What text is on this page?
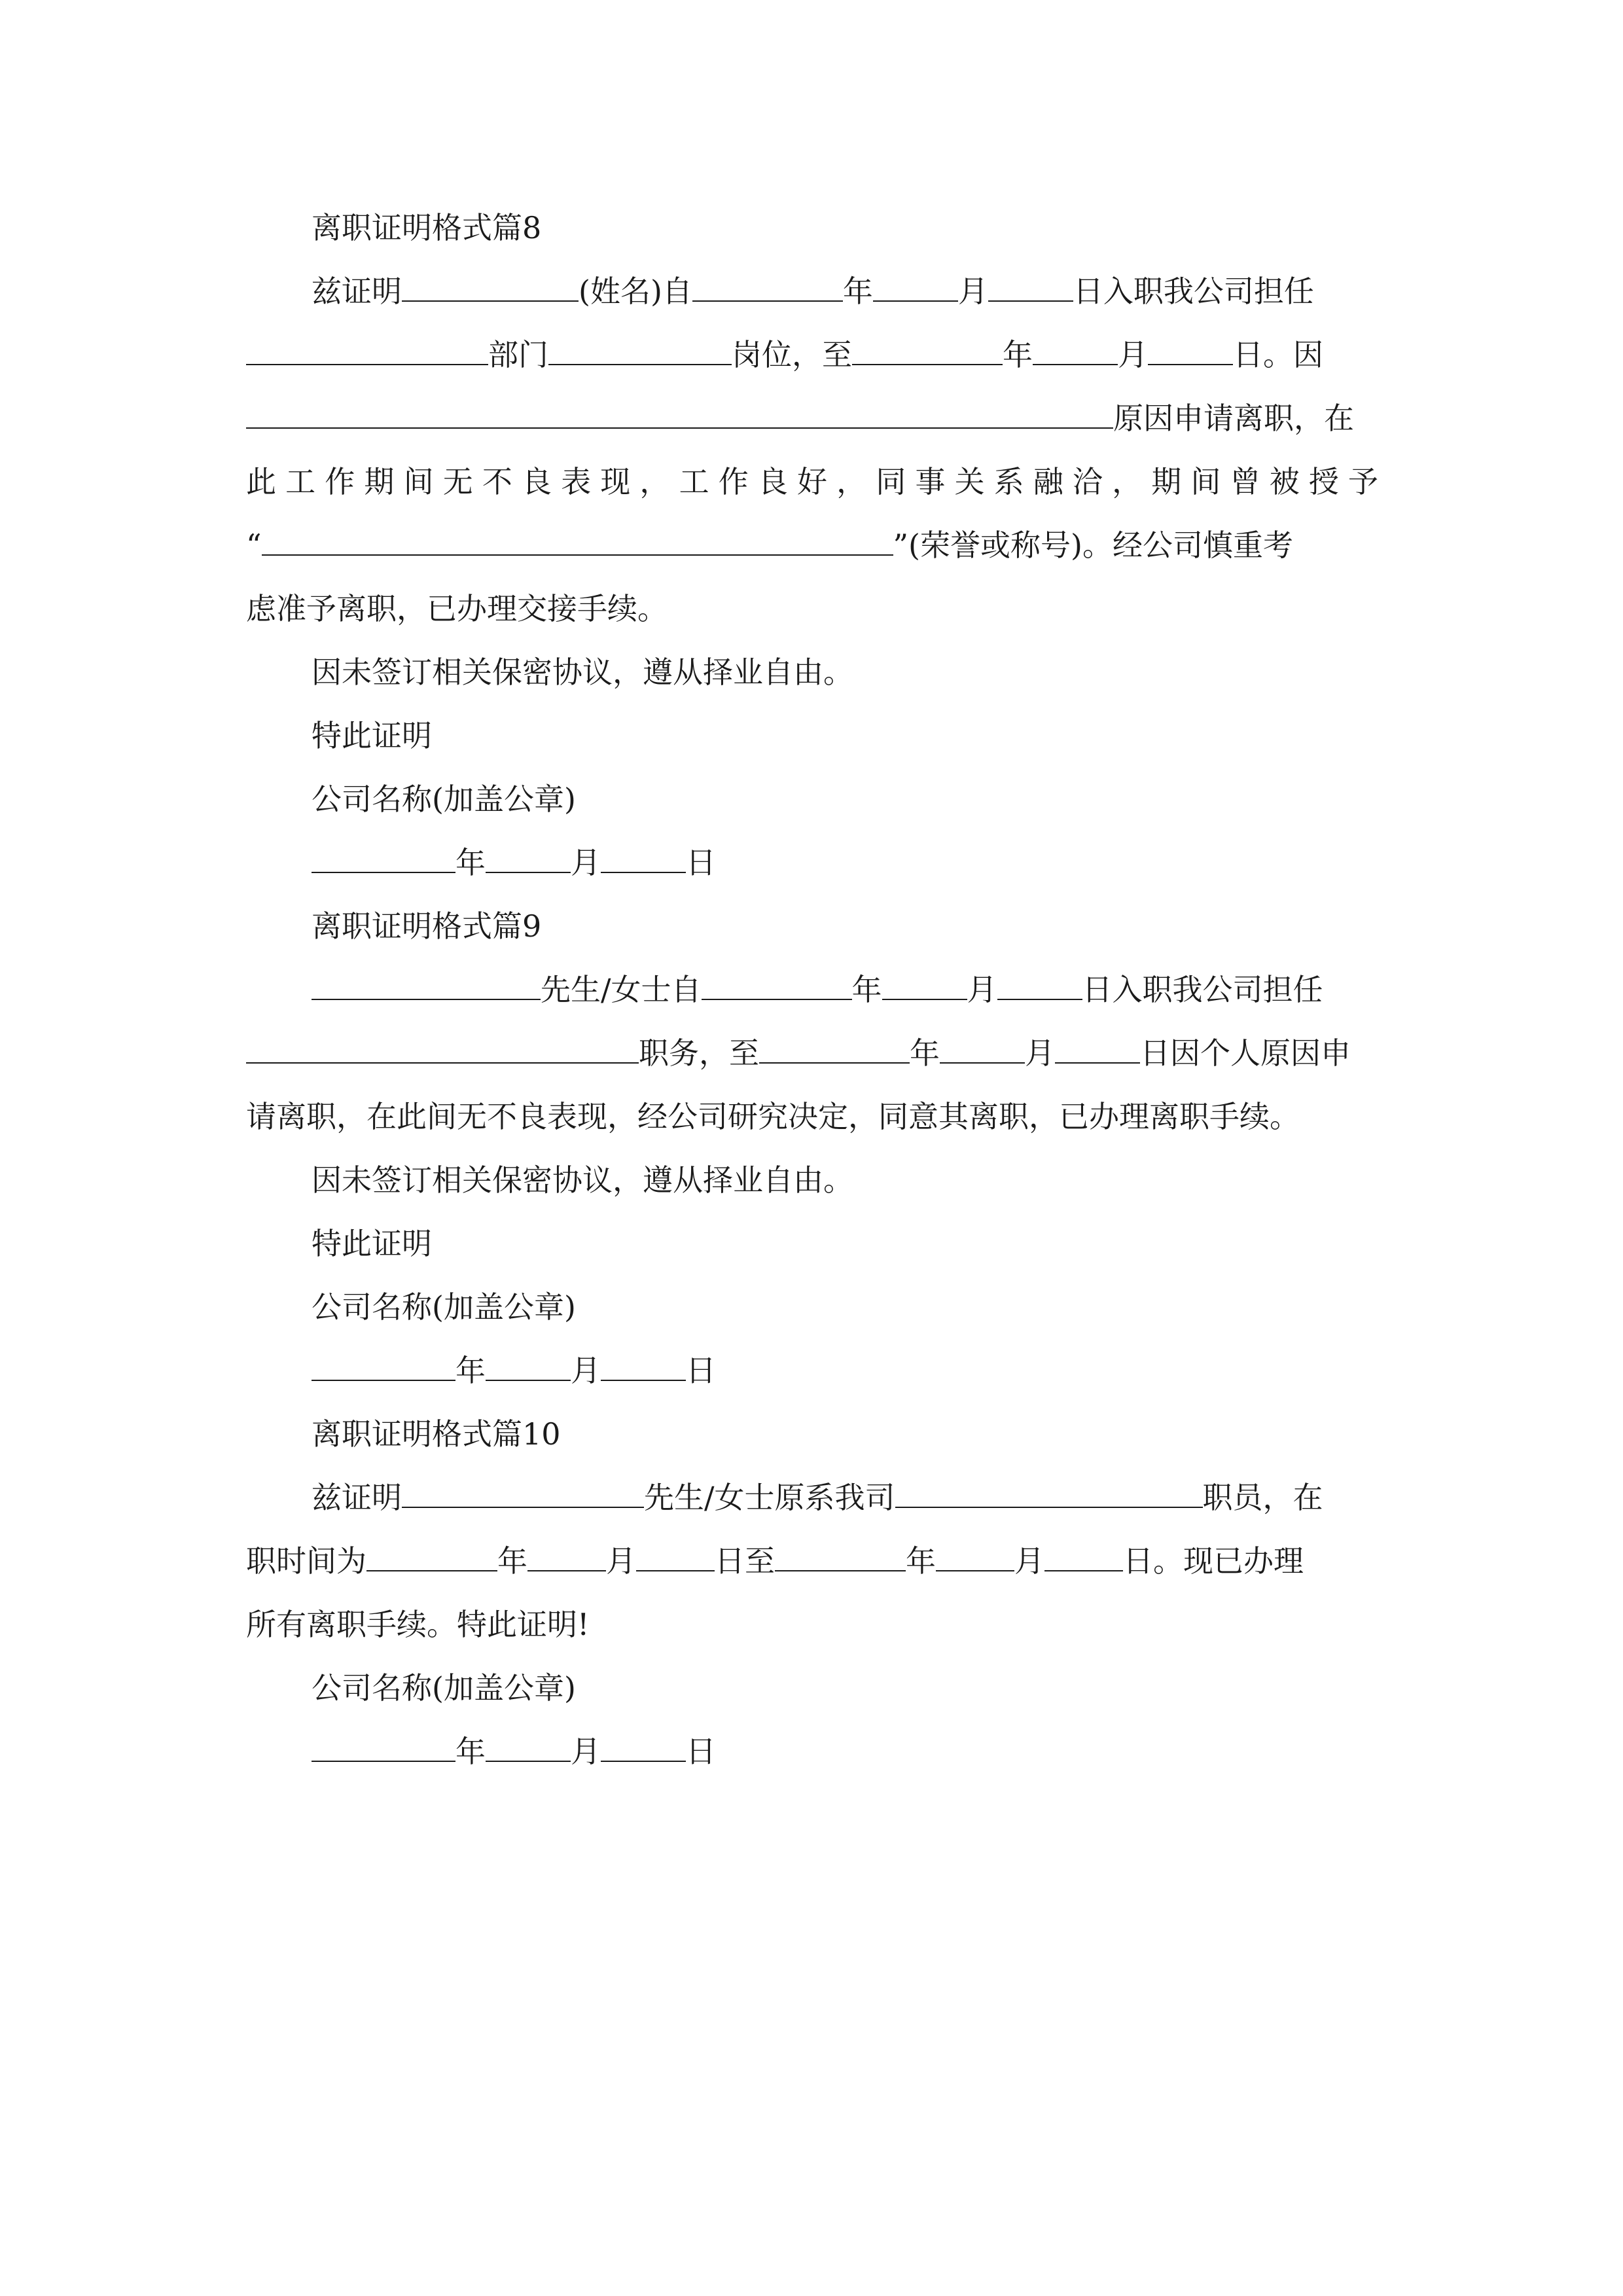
离职证明格式篇8
兹证明	(姓名)自	年	月	日入职我公司担任
部门	岗位，至	年	月	日。因
原因申请离职，在
此工作期间无不良表现，工作良好，同事关系融洽，期间曾被授予
“	”(荣誉或称号)。经公司慎重考
虑准予离职，已办理交接手续。
因未签订相关保密协议，遵从择业自由。
特此证明
公司名称(加盖公章)
年	月	日
离职证明格式篇9
先生/女士自	年	月	日入职我公司担任
职务，至	年	月	日因个人原因申
请离职，在此间无不良表现，经公司研究决定，同意其离职，已办理离职手续。
因未签订相关保密协议，遵从择业自由。
特此证明
公司名称(加盖公章)
年	月	日
离职证明格式篇10
兹证明	先生/女士原系我司	职员，在
职时间为	年	月	日至	年	月	日。现已办理
所有离职手续。特此证明!
公司名称(加盖公章)
年	月	日
